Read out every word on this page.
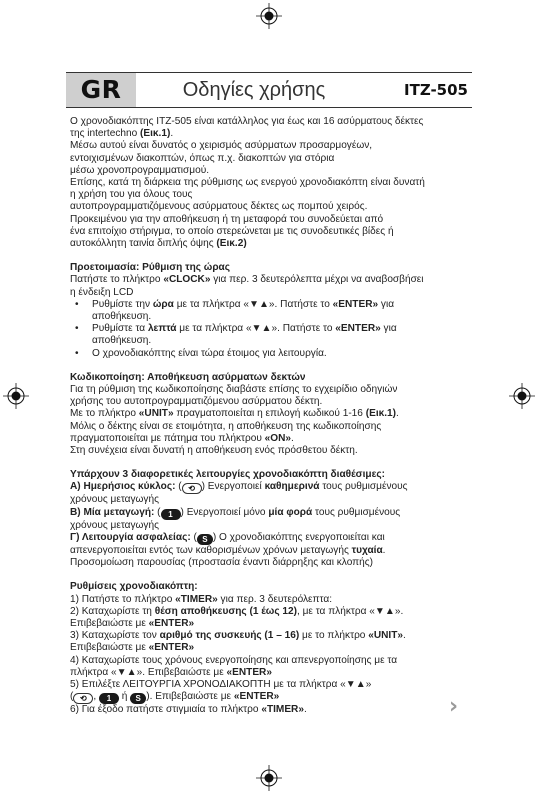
GR	Οδηγίες χρήσης	ITZ-505

Ο χρονοδιακόπτης ITZ-505 είναι κατάλληλος για έως και 16 ασύρματους δέκτες

της intertechno (Εικ.1).

Μέσω αυτού είναι δυνατός ο χειρισμός ασύρματων προσαρμογέων,

εντοιχισμένων διακοπτών, όπως π.χ. διακοπτών για στόρια

μέσω χρονοπρογραμματισμού.

Επίσης, κατά τη διάρκεια της ρύθμισης ως ενεργού χρονοδιακόπτη είναι δυνατή

η χρήση του για όλους τους

αυτοπρογραμματιζόμενους ασύρματους δέκτες ως πομπού χειρός.

Προκειμένου για την αποθήκευση ή τη μεταφορά του συνοδεύεται από

ένα επιτοίχιο στήριγμα, το οποίο στερεώνεται με τις συνοδευτικές βίδες ή

αυτοκόλλητη ταινία διπλής όψης (Εικ.2)

Προετοιμασία: Ρύθμιση της ώρας

Πατήστε το πλήκτρο «CLOCK» για περ. 3 δευτερόλεπτα μέχρι να αναβοσβήσει

η ένδειξη LCD

• Ρυθμίστε την ώρα με τα πλήκτρα «▼▲». Πατήστε το «ENTER» για

αποθήκευση.

• Ρυθμίστε τα λεπτά με τα πλήκτρα «▼▲». Πατήστε το «ENTER» για

αποθήκευση.

• Ο χρονοδιακόπτης είναι τώρα έτοιμος για λειτουργία.

Κωδικοποίηση: Αποθήκευση ασύρματων δεκτών

Για τη ρύθμιση της κωδικοποίησης διαβάστε επίσης το εγχειρίδιο οδηγιών

χρήσης του αυτοπρογραμματιζόμενου ασύρματου δέκτη.

Με το πλήκτρο «UNIT» πραγματοποιείται η επιλογή κωδικού 1-16 (Εικ.1).

Μόλις ο δέκτης είναι σε ετοιμότητα, η αποθήκευση της κωδικοποίησης

πραγματοποιείται με πάτημα του πλήκτρου «ON».

Στη συνέχεια είναι δυνατή η αποθήκευση ενός πρόσθετου δέκτη.

Υπάρχουν 3 διαφορετικές λειτουργίες χρονοδιακόπτη διαθέσιμες:

Α) Ημερήσιος κύκλος: ( ⟲ ) Ενεργοποιεί καθημερινά τους ρυθμισμένους

χρόνους μεταγωγής

Β) Μία μεταγωγή: ( 1 ) Ενεργοποιεί μόνο μία φορά τους ρυθμισμένους

χρόνους μεταγωγής

Γ) Λειτουργία ασφαλείας: ( S ) Ο χρονοδιακόπτης ενεργοποιείται και

απενεργοποιείται εντός των καθορισμένων χρόνων μεταγωγής τυχαία.

Προσομοίωση παρουσίας (προστασία έναντι διάρρηξης και κλοπής)

Ρυθμίσεις χρονοδιακόπτη:

1) Πατήστε το πλήκτρο «TIMER» για περ. 3 δευτερόλεπτα:

2) Καταχωρίστε τη θέση αποθήκευσης (1 έως 12), με τα πλήκτρα «▼▲».

Επιβεβαιώστε με «ENTER»

3) Καταχωρίστε τον αριθμό της συσκευής (1 – 16) με το πλήκτρο «UNIT».

Επιβεβαιώστε με «ENTER»

4) Καταχωρίστε τους χρόνους ενεργοποίησης και απενεργοποίησης με τα

πλήκτρα «▼▲». Επιβεβαιώστε με «ENTER»

5) Επιλέξτε ΛΕΙΤΟΥΡΓΙΑ ΧΡΟΝΟΔΙΑΚΟΠΤΗ με τα πλήκτρα «▼▲»

( ⟲ , 1 ή S ). Επιβεβαιώστε με «ENTER»

6) Για έξοδο πατήστε στιγμιαία το πλήκτρο «TIMER».	›
